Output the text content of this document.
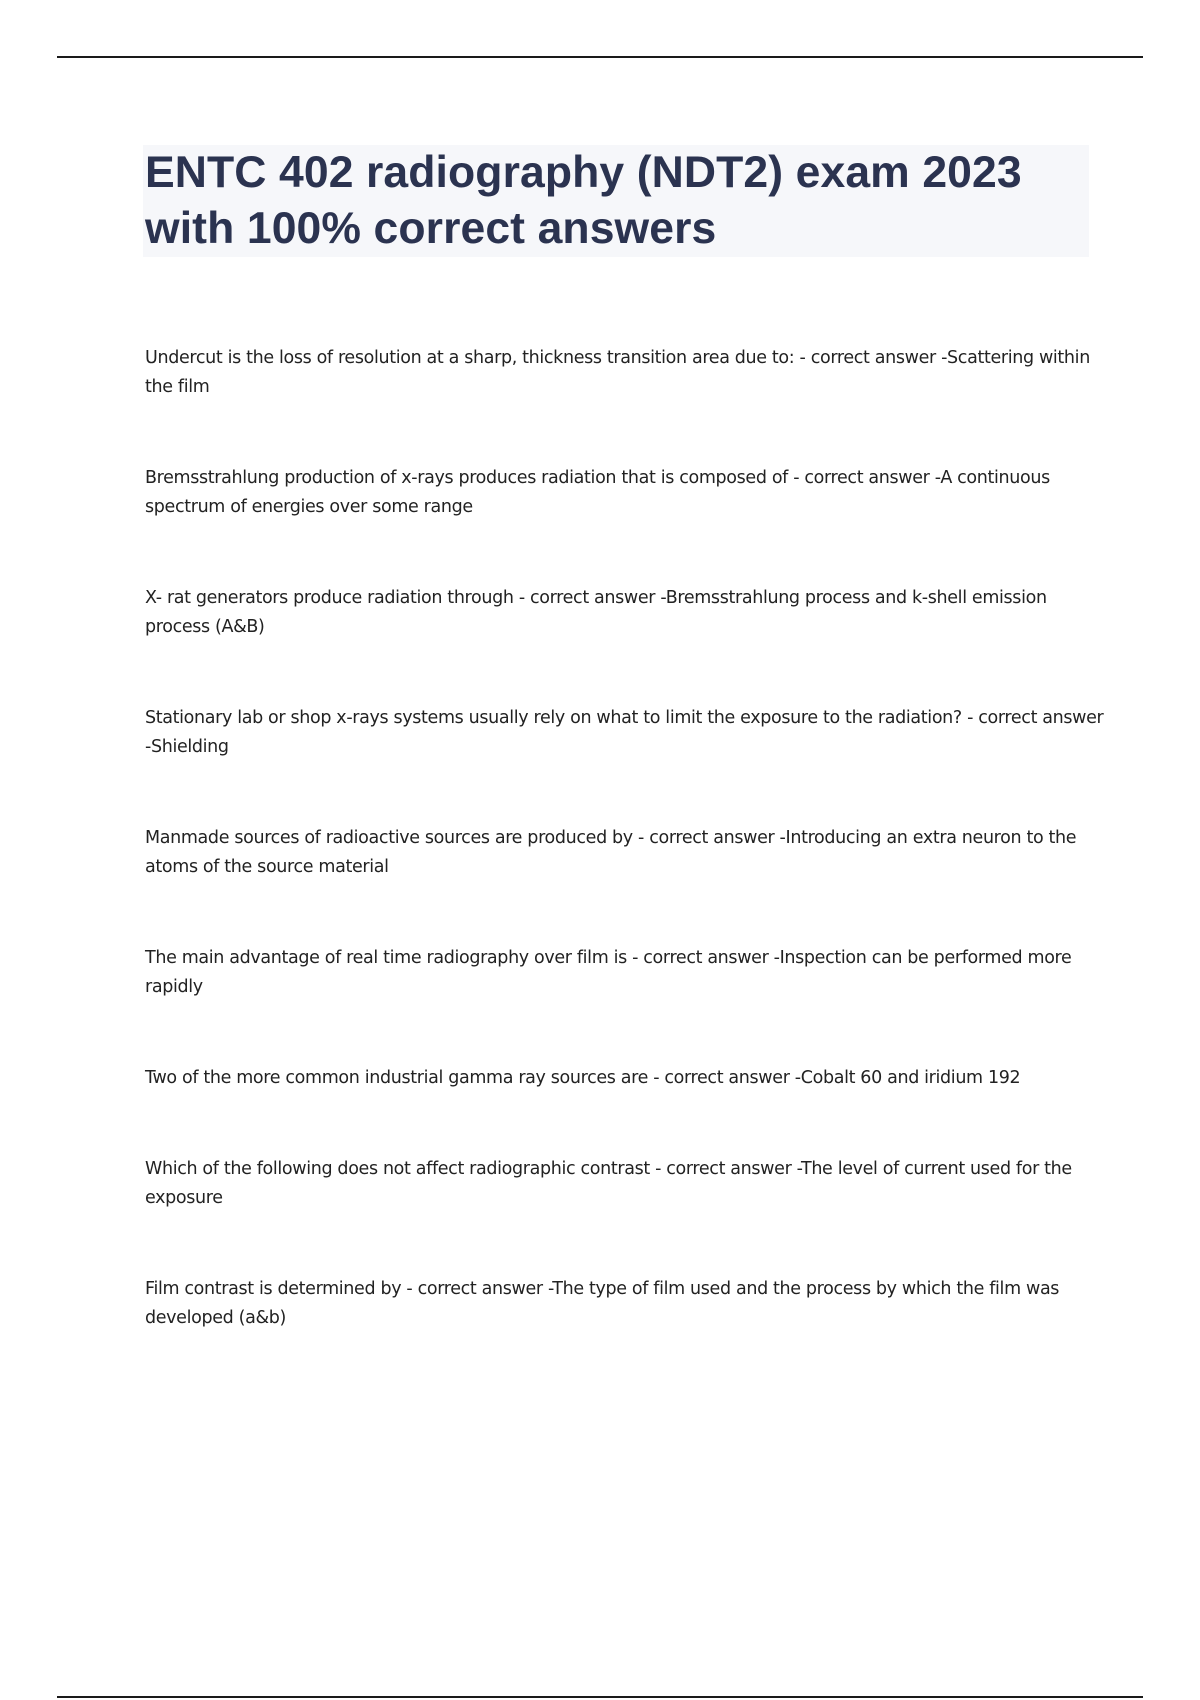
ENTC 402 radiography (NDT2) exam 2023 with 100% correct answers
Undercut is the loss of resolution at a sharp, thickness transition area due to: - correct answer -Scattering within the film
Bremsstrahlung production of x-rays produces radiation that is composed of - correct answer -A continuous spectrum of energies over some range
X- rat generators produce radiation through - correct answer -Bremsstrahlung process and k-shell emission process (A&B)
Stationary lab or shop x-rays systems usually rely on what to limit the exposure to the radiation? - correct answer -Shielding
Manmade sources of radioactive sources are produced by - correct answer -Introducing an extra neuron to the atoms of the source material
The main advantage of real time radiography over film is - correct answer -Inspection can be performed more rapidly
Two of the more common industrial gamma ray sources are - correct answer -Cobalt 60 and iridium 192
Which of the following does not affect radiographic contrast - correct answer -The level of current used for the exposure
Film contrast is determined by - correct answer -The type of film used and the process by which the film was developed (a&b)
